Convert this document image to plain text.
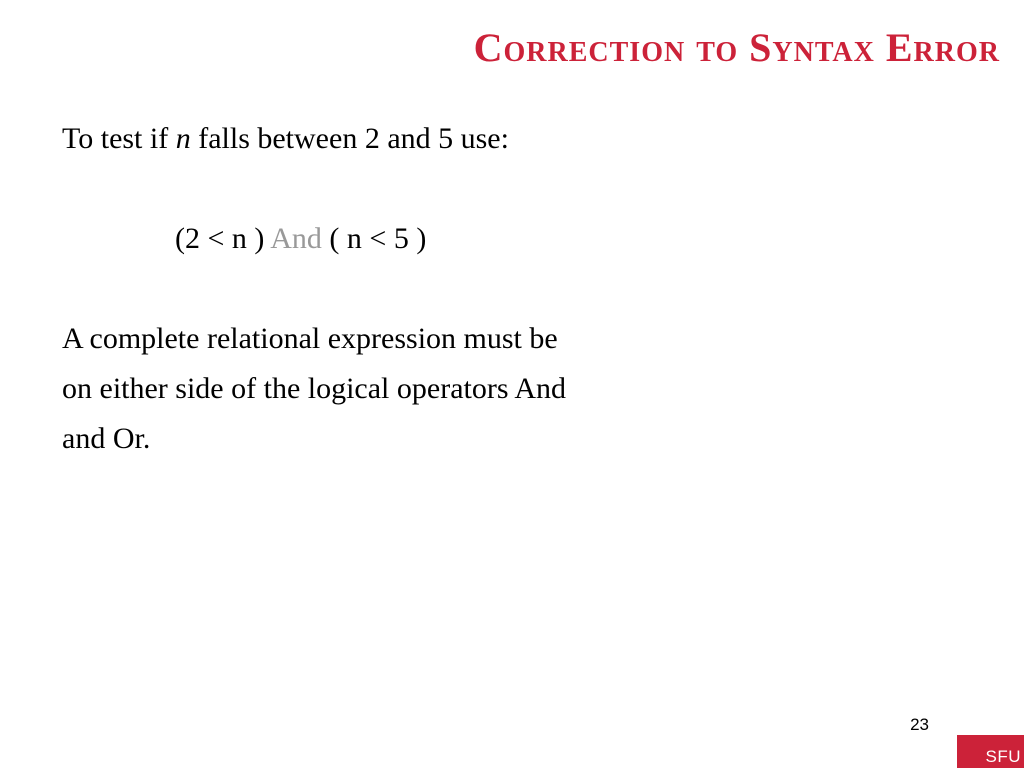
Correction to Syntax Error

To test if n falls between 2 and 5 use:

(2 < n ) And ( n < 5 )

A complete relational expression must be

on either side of the logical operators And

and Or.

23
SFU
